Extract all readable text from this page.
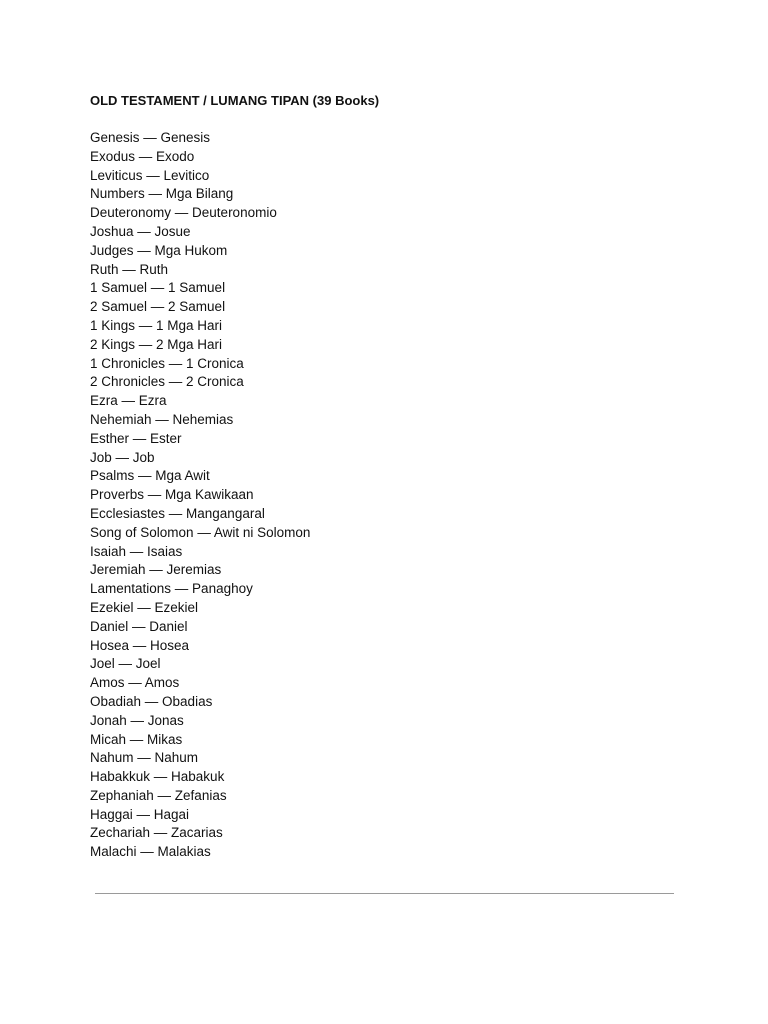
OLD TESTAMENT / LUMANG TIPAN (39 Books)
Genesis — Genesis
Exodus — Exodo
Leviticus — Levitico
Numbers — Mga Bilang
Deuteronomy — Deuteronomio
Joshua — Josue
Judges — Mga Hukom
Ruth — Ruth
1 Samuel — 1 Samuel
2 Samuel — 2 Samuel
1 Kings — 1 Mga Hari
2 Kings — 2 Mga Hari
1 Chronicles — 1 Cronica
2 Chronicles — 2 Cronica
Ezra — Ezra
Nehemiah — Nehemias
Esther — Ester
Job — Job
Psalms — Mga Awit
Proverbs — Mga Kawikaan
Ecclesiastes — Mangangaral
Song of Solomon — Awit ni Solomon
Isaiah — Isaias
Jeremiah — Jeremias
Lamentations — Panaghoy
Ezekiel — Ezekiel
Daniel — Daniel
Hosea — Hosea
Joel — Joel
Amos — Amos
Obadiah — Obadias
Jonah — Jonas
Micah — Mikas
Nahum — Nahum
Habakkuk — Habakuk
Zephaniah — Zefanias
Haggai — Hagai
Zechariah — Zacarias
Malachi — Malakias
